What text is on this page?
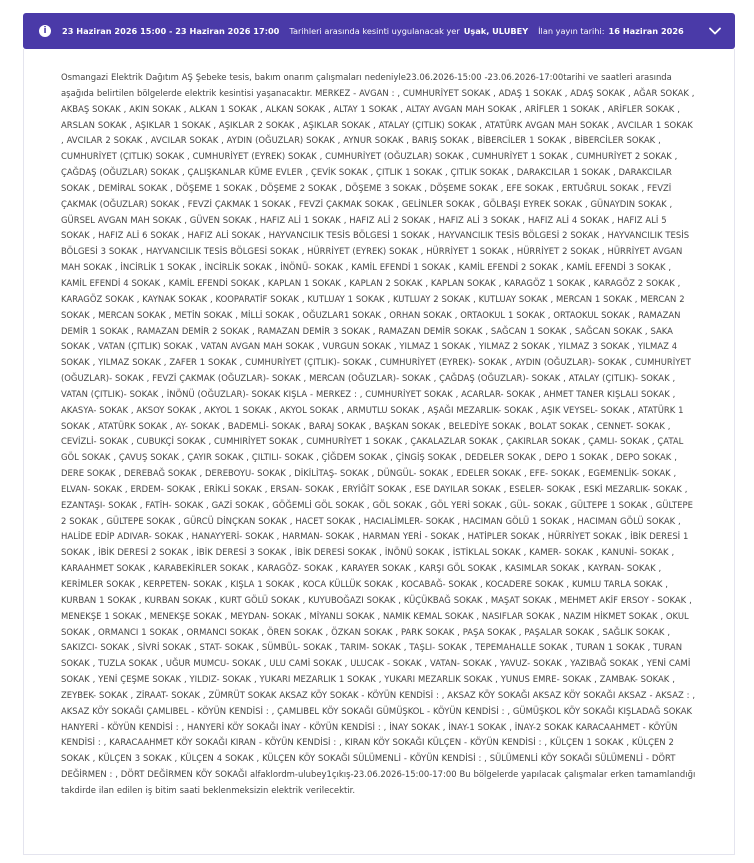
i	23 Haziran 2026 15:00 - 23 Haziran 2026 17:00 Tarihleri arasında kesinti uygulanacak yer Uşak, ULUBEY İlan yayın tarihi: 16 Haziran 2026

Osmangazi Elektrik Dağıtım AŞ Şebeke tesis, bakım onarım çalışmaları nedeniyle23.06.2026-15:00 -23.06.2026-17:00tarihi ve saatleri arasında aşağıda belirtilen bölgelerde elektrik kesintisi yaşanacaktır. MERKEZ - AVGAN : , CUMHURİYET SOKAK , ADAŞ 1 SOKAK , ADAŞ SOKAK , AĞAR SOKAK , AKBAŞ SOKAK , AKIN SOKAK , ALKAN 1 SOKAK , ALKAN SOKAK , ALTAY 1 SOKAK , ALTAY AVGAN MAH SOKAK , ARİFLER 1 SOKAK , ARİFLER SOKAK , ARSLAN SOKAK , AŞIKLAR 1 SOKAK , AŞIKLAR 2 SOKAK , AŞIKLAR SOKAK , ATALAY (ÇITLIK) SOKAK , ATATÜRK AVGAN MAH SOKAK , AVCILAR 1 SOKAK , AVCILAR 2 SOKAK , AVCILAR SOKAK , AYDIN (OĞUZLAR) SOKAK , AYNUR SOKAK , BARIŞ SOKAK , BİBERCİLER 1 SOKAK , BİBERCİLER SOKAK , CUMHURİYET (ÇITLIK) SOKAK , CUMHURİYET (EYREK) SOKAK , CUMHURİYET (OĞUZLAR) SOKAK , CUMHURİYET 1 SOKAK , CUMHURİYET 2 SOKAK , ÇAĞDAŞ (OĞUZLAR) SOKAK , ÇALIŞKANLAR KÜME EVLER , ÇEVİK SOKAK , ÇITLIK 1 SOKAK , ÇITLIK SOKAK , DARAKCILAR 1 SOKAK , DARAKCILAR SOKAK , DEMİRAL SOKAK , DÖŞEME 1 SOKAK , DÖŞEME 2 SOKAK , DÖŞEME 3 SOKAK , DÖŞEME SOKAK , EFE SOKAK , ERTUĞRUL SOKAK , FEVZİ ÇAKMAK (OĞUZLAR) SOKAK , FEVZİ ÇAKMAK 1 SOKAK , FEVZİ ÇAKMAK SOKAK , GELİNLER SOKAK , GÖLBAŞI EYREK SOKAK , GÜNAYDIN SOKAK , GÜRSEL AVGAN MAH SOKAK , GÜVEN SOKAK , HAFIZ ALİ 1 SOKAK , HAFIZ ALİ 2 SOKAK , HAFIZ ALİ 3 SOKAK , HAFIZ ALİ 4 SOKAK , HAFIZ ALİ 5 SOKAK , HAFIZ ALİ 6 SOKAK , HAFIZ ALİ SOKAK , HAYVANCILIK TESİS BÖLGESİ 1 SOKAK , HAYVANCILIK TESİS BÖLGESİ 2 SOKAK , HAYVANCILIK TESİS BÖLGESİ 3 SOKAK , HAYVANCILIK TESİS BÖLGESİ SOKAK , HÜRRİYET (EYREK) SOKAK , HÜRRİYET 1 SOKAK , HÜRRİYET 2 SOKAK , HÜRRİYET AVGAN MAH SOKAK , İNCİRLİK 1 SOKAK , İNCİRLİK SOKAK , İNÖNÜ- SOKAK , KAMİL EFENDİ 1 SOKAK , KAMİL EFENDİ 2 SOKAK , KAMİL EFENDİ 3 SOKAK , KAMİL EFENDİ 4 SOKAK , KAMİL EFENDİ SOKAK , KAPLAN 1 SOKAK , KAPLAN 2 SOKAK , KAPLAN SOKAK , KARAGÖZ 1 SOKAK , KARAGÖZ 2 SOKAK , KARAGÖZ SOKAK , KAYNAK SOKAK , KOOPARATİF SOKAK , KUTLUAY 1 SOKAK , KUTLUAY 2 SOKAK , KUTLUAY SOKAK , MERCAN 1 SOKAK , MERCAN 2 SOKAK , MERCAN SOKAK , METİN SOKAK , MİLLİ SOKAK , OĞUZLAR1 SOKAK , ORHAN SOKAK , ORTAOKUL 1 SOKAK , ORTAOKUL SOKAK , RAMAZAN DEMİR 1 SOKAK , RAMAZAN DEMİR 2 SOKAK , RAMAZAN DEMİR 3 SOKAK , RAMAZAN DEMİR SOKAK , SAĞCAN 1 SOKAK , SAĞCAN SOKAK , SAKA SOKAK , VATAN (ÇITLIK) SOKAK , VATAN AVGAN MAH SOKAK , VURGUN SOKAK , YILMAZ 1 SOKAK , YILMAZ 2 SOKAK , YILMAZ 3 SOKAK , YILMAZ 4 SOKAK , YILMAZ SOKAK , ZAFER 1 SOKAK , CUMHURİYET (ÇITLIK)- SOKAK , CUMHURİYET (EYREK)- SOKAK , AYDIN (OĞUZLAR)- SOKAK , CUMHURİYET (OĞUZLAR)- SOKAK , FEVZİ ÇAKMAK (OĞUZLAR)- SOKAK , MERCAN (OĞUZLAR)- SOKAK , ÇAĞDAŞ (OĞUZLAR)- SOKAK , ATALAY (ÇITLIK)- SOKAK , VATAN (ÇITLIK)- SOKAK , İNÖNÜ (OĞUZLAR)- SOKAK KIŞLA - MERKEZ : , CUMHURİYET SOKAK , ACARLAR- SOKAK , AHMET TANER KIŞLALI SOKAK , AKASYA- SOKAK , AKSOY SOKAK , AKYOL 1 SOKAK , AKYOL SOKAK , ARMUTLU SOKAK , AŞAĞI MEZARLIK- SOKAK , AŞIK VEYSEL- SOKAK , ATATÜRK 1 SOKAK , ATATÜRK SOKAK , AY- SOKAK , BADEMLİ- SOKAK , BARAJ SOKAK , BAŞKAN SOKAK , BELEDİYE SOKAK , BOLAT SOKAK , CENNET- SOKAK , CEVİZLİ- SOKAK , CUBUKÇİ SOKAK , CUMHIRİYET SOKAK , CUMHURİYET 1 SOKAK , ÇAKALAZLAR SOKAK , ÇAKIRLAR SOKAK , ÇAMLI- SOKAK , ÇATAL GÖL SOKAK , ÇAVUŞ SOKAK , ÇAYIR SOKAK , ÇILTILI- SOKAK , ÇİĞDEM SOKAK , ÇİNGİŞ SOKAK , DEDELER SOKAK , DEPO 1 SOKAK , DEPO SOKAK , DERE SOKAK , DEREBAĞ SOKAK , DEREBOYU- SOKAK , DİKİLİTAŞ- SOKAK , DÜNGÜL- SOKAK , EDELER SOKAK , EFE- SOKAK , EGEMENLİK- SOKAK , ELVAN- SOKAK , ERDEM- SOKAK , ERİKLİ SOKAK , ERSAN- SOKAK , ERYİĞİT SOKAK , ESE DAYILAR SOKAK , ESELER- SOKAK , ESKİ MEZARLIK- SOKAK , EZANTAŞI- SOKAK , FATİH- SOKAK , GAZİ SOKAK , GÖĞEMLİ GÖL SOKAK , GÖL SOKAK , GÖL YERİ SOKAK , GÜL- SOKAK , GÜLTEPE 1 SOKAK , GÜLTEPE 2 SOKAK , GÜLTEPE SOKAK , GÜRCÜ DİNÇKAN SOKAK , HACET SOKAK , HACIALİMLER- SOKAK , HACIMAN GÖLÜ 1 SOKAK , HACIMAN GÖLÜ SOKAK , HALİDE EDİP ADIVAR- SOKAK , HANAYYERİ- SOKAK , HARMAN- SOKAK , HARMAN YERİ - SOKAK , HATİPLER SOKAK , HÜRRİYET SOKAK , İBİK DERESİ 1 SOKAK , İBİK DERESİ 2 SOKAK , İBİK DERESİ 3 SOKAK , İBİK DERESİ SOKAK , İNÖNÜ SOKAK , İSTİKLAL SOKAK , KAMER- SOKAK , KANUNİ- SOKAK , KARAAHMET SOKAK , KARABEKİRLER SOKAK , KARAGÖZ- SOKAK , KARAYER SOKAK , KARŞI GÖL SOKAK , KASIMLAR SOKAK , KAYRAN- SOKAK , KERİMLER SOKAK , KERPETEN- SOKAK , KIŞLA 1 SOKAK , KOCA KÜLLÜK SOKAK , KOCABAĞ- SOKAK , KOCADERE SOKAK , KUMLU TARLA SOKAK , KURBAN 1 SOKAK , KURBAN SOKAK , KURT GÖLÜ SOKAK , KUYUBOĞAZI SOKAK , KÜÇÜKBAĞ SOKAK , MAŞAT SOKAK , MEHMET AKİF ERSOY - SOKAK , MENEKŞE 1 SOKAK , MENEKŞE SOKAK , MEYDAN- SOKAK , MİYANLI SOKAK , NAMIK KEMAL SOKAK , NASIFLAR SOKAK , NAZIM HİKMET SOKAK , OKUL SOKAK , ORMANCI 1 SOKAK , ORMANCI SOKAK , ÖREN SOKAK , ÖZKAN SOKAK , PARK SOKAK , PAŞA SOKAK , PAŞALAR SOKAK , SAĞLIK SOKAK , SAKIZCI- SOKAK , SİVRİ SOKAK , STAT- SOKAK , SÜMBÜL- SOKAK , TARIM- SOKAK , TAŞLI- SOKAK , TEPEMAHALLE SOKAK , TURAN 1 SOKAK , TURAN SOKAK , TUZLA SOKAK , UĞUR MUMCU- SOKAK , ULU CAMİ SOKAK , ULUCAK - SOKAK , VATAN- SOKAK , YAVUZ- SOKAK , YAZIBAĞ SOKAK , YENİ CAMİ SOKAK , YENİ ÇEŞME SOKAK , YILDIZ- SOKAK , YUKARI MEZARLIK 1 SOKAK , YUKARI MEZARLIK SOKAK , YUNUS EMRE- SOKAK , ZAMBAK- SOKAK , ZEYBEK- SOKAK , ZİRAAT- SOKAK , ZÜMRÜT SOKAK AKSAZ KÖY SOKAK - KÖYÜN KENDİSİ : , AKSAZ KÖY SOKAĞI AKSAZ KÖY SOKAĞI AKSAZ - AKSAZ : , AKSAZ KÖY SOKAĞI ÇAMLIBEL - KÖYÜN KENDİSİ : , ÇAMLIBEL KÖY SOKAĞI GÜMÜŞKOL - KÖYÜN KENDİSİ : , GÜMÜŞKOL KÖY SOKAĞI KIŞLADAĞ SOKAK HANYERİ - KÖYÜN KENDİSİ : , HANYERİ KÖY SOKAĞI İNAY - KÖYÜN KENDİSİ : , İNAY SOKAK , İNAY-1 SOKAK , İNAY-2 SOKAK KARACAAHMET - KÖYÜN KENDİSİ : , KARACAAHMET KÖY SOKAĞI KIRAN - KÖYÜN KENDİSİ : , KIRAN KÖY SOKAĞI KÜLÇEN - KÖYÜN KENDİSİ : , KÜLÇEN 1 SOKAK , KÜLÇEN 2 SOKAK , KÜLÇEN 3 SOKAK , KÜLÇEN 4 SOKAK , KÜLÇEN KÖY SOKAĞI SÜLÜMENLİ - KÖYÜN KENDİSİ : , SÜLÜMENLİ KÖY SOKAĞI SÜLÜMENLİ - DÖRT DEĞİRMEN : , DÖRT DEĞİRMEN KÖY SOKAĞI alfaklordm-ulubey1çıkış-23.06.2026-15:00-17:00 Bu bölgelerde yapılacak çalışmalar erken tamamlandığı takdirde ilan edilen iş bitim saati beklenmeksizin elektrik verilecektir.
